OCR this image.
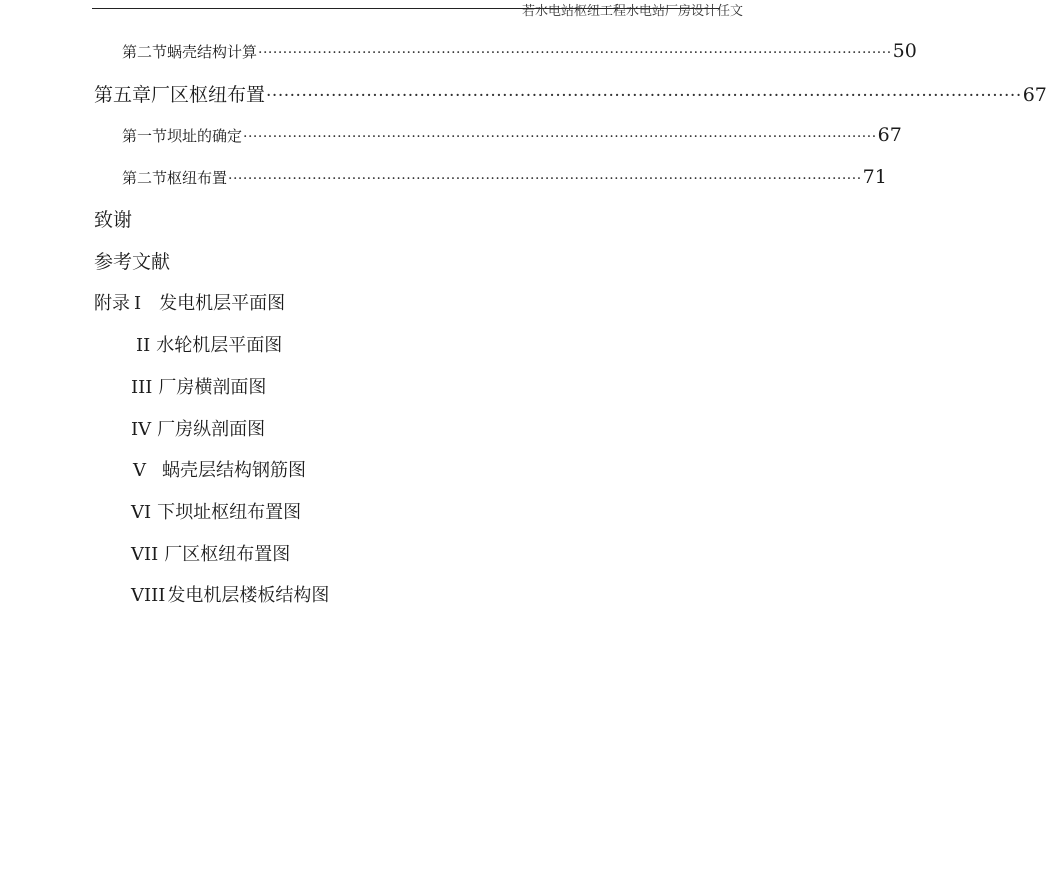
若水电站枢纽工程水电站厂房设计任文
第二节 蜗壳结构计算 ································································································································ 50
第五章 厂区枢纽布置 ································································································································ 67
第一节 坝址的确定 ································································································································ 67
第二节 枢纽布置 ································································································································ 71
致谢
参考文献
附录 I 发电机层平面图
II 水轮机层平面图
III 厂房横剖面图
IV 厂房纵剖面图
V 蜗壳层结构钢筋图
VI 下坝址枢纽布置图
VII 厂区枢纽布置图
VIII 发电机层楼板结构图
